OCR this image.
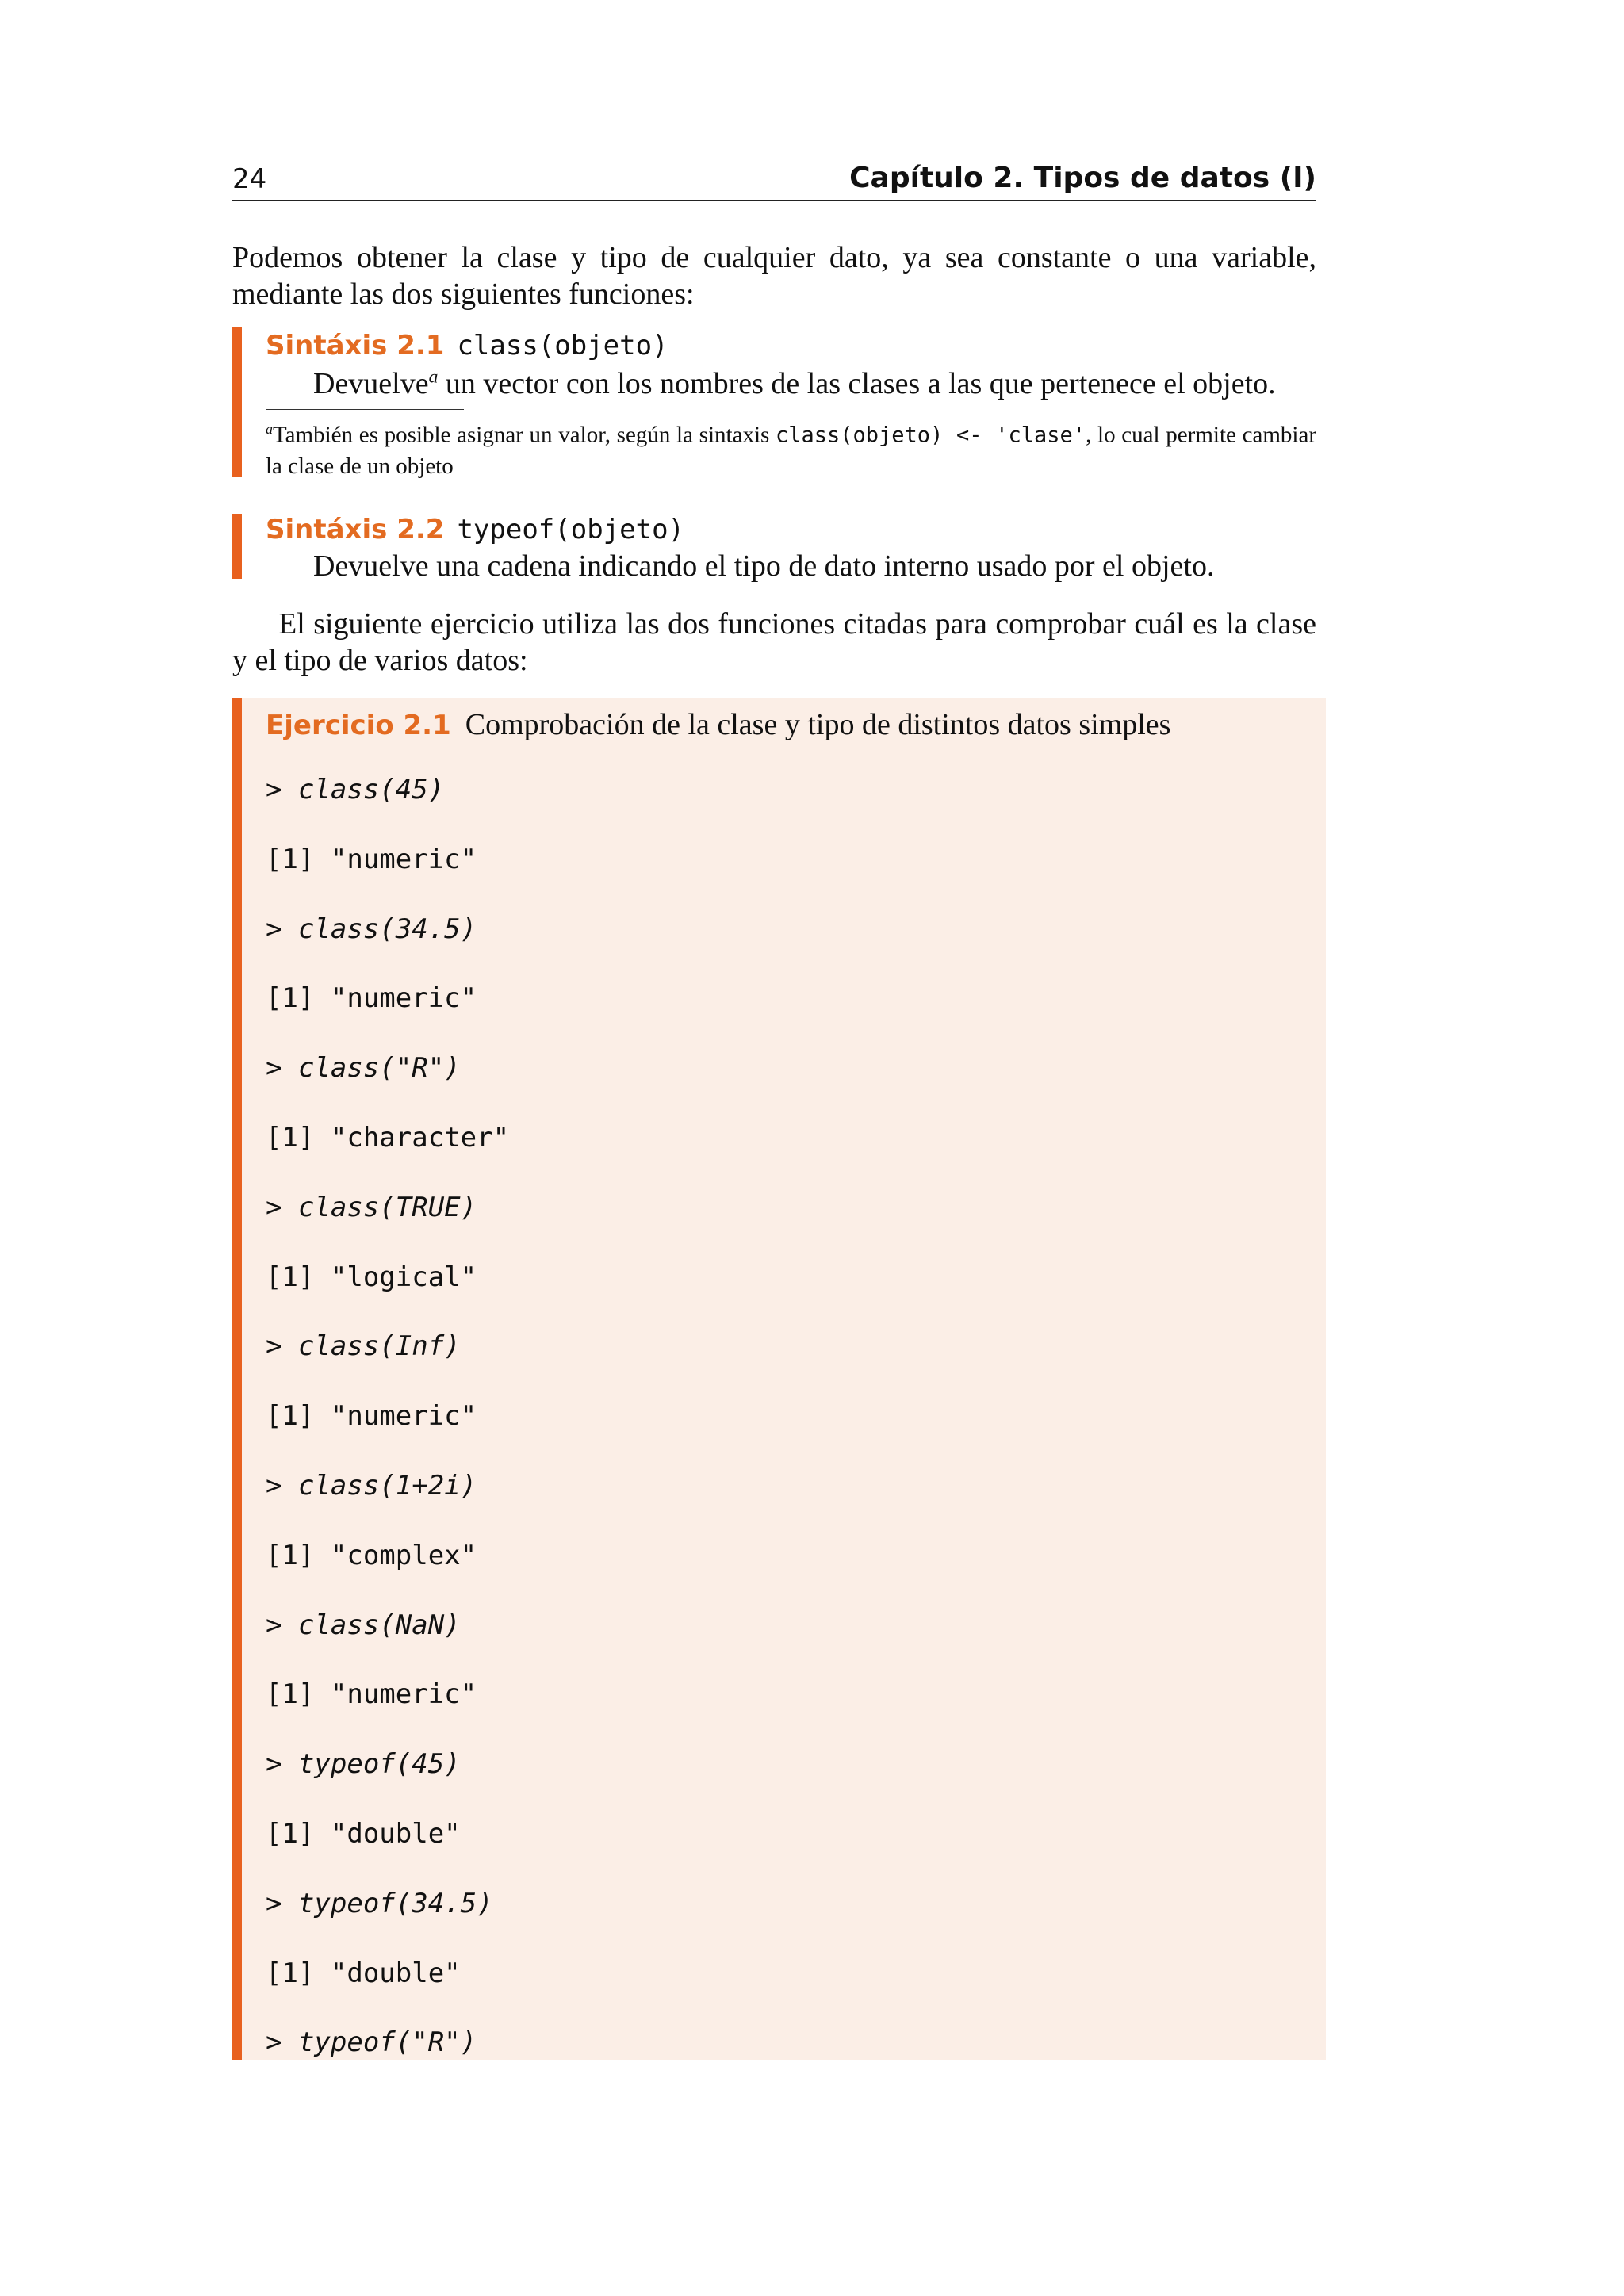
24	Capítulo 2. Tipos de datos (I)

Podemos obtener la clase y tipo de cualquier dato, ya sea constante o una variable, mediante las dos siguientes funciones:

Sintáxis 2.1 class(objeto)
Devuelve$^a$ un vector con los nombres de las clases a las que pertenece el objeto.
$^a$También es posible asignar un valor, según la sintaxis class(objeto) <- 'clase', lo cual permite cambiar la clase de un objeto
Sintáxis 2.2 typeof(objeto)
Devuelve una cadena indicando el tipo de dato interno usado por el objeto.

El siguiente ejercicio utiliza las dos funciones citadas para comprobar cuál es la clase y el tipo de varios datos:

Ejercicio 2.1 Comprobación de la clase y tipo de distintos datos simples
> class(45)
[1] "numeric"
> class(34.5)
[1] "numeric"
> class("R")
[1] "character"
> class(TRUE)
[1] "logical"
> class(Inf)
[1] "numeric"
> class(1+2i)
[1] "complex"
> class(NaN)
[1] "numeric"
> typeof(45)
[1] "double"
> typeof(34.5)
[1] "double"
> typeof("R")
